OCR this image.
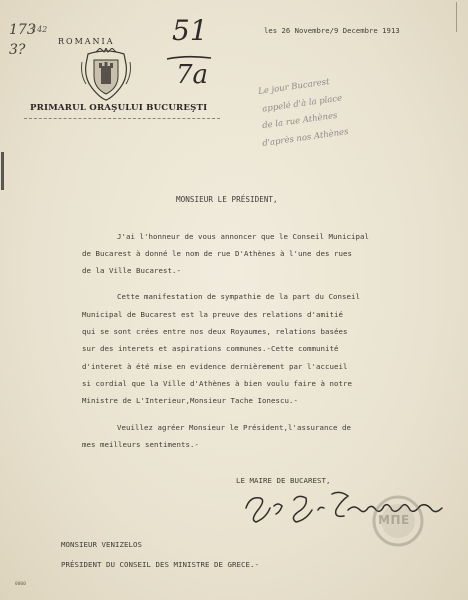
ROMANIA
PRIMARUL ORAŞULUI BUCUREŞTI
173
142
3?
51
7a
les 26 Novembre/9 Decembre 1913
Le jour Bucarest
appelé d'à la place
de la rue Athènes
d'après nos Athènes
MONSIEUR LE PRÉSIDENT,
J'ai l'honneur de vous annoncer que le Conseil Municipal
de Bucarest à donné le nom de rue D'Athènes à l'une des rues
de la Ville Bucarest.-
Cette manifestation de sympathie de la part du Conseil
Municipal de Bucarest est la preuve des relations d'amitié
qui se sont crées entre nos deux Royaumes, relations basées
sur des interets et aspirations communes.-Cette communité
d'interet à été mise en evidence dernièrement par l'accueil
si cordial que la Ville d'Athènes à bien voulu faire à notre
Ministre de L'Interieur,Monsieur Tache Ionescu.-
Veuillez agréer Monsieur le Président,l'assurance de
mes meilleurs sentiments.-
LE MAIRE DE BUCAREST,
MONSIEUR VENIZELOS
PRÉSIDENT DU CONSEIL DES MINISTRE DE GRECE.-
ΜΠΕ
0000
